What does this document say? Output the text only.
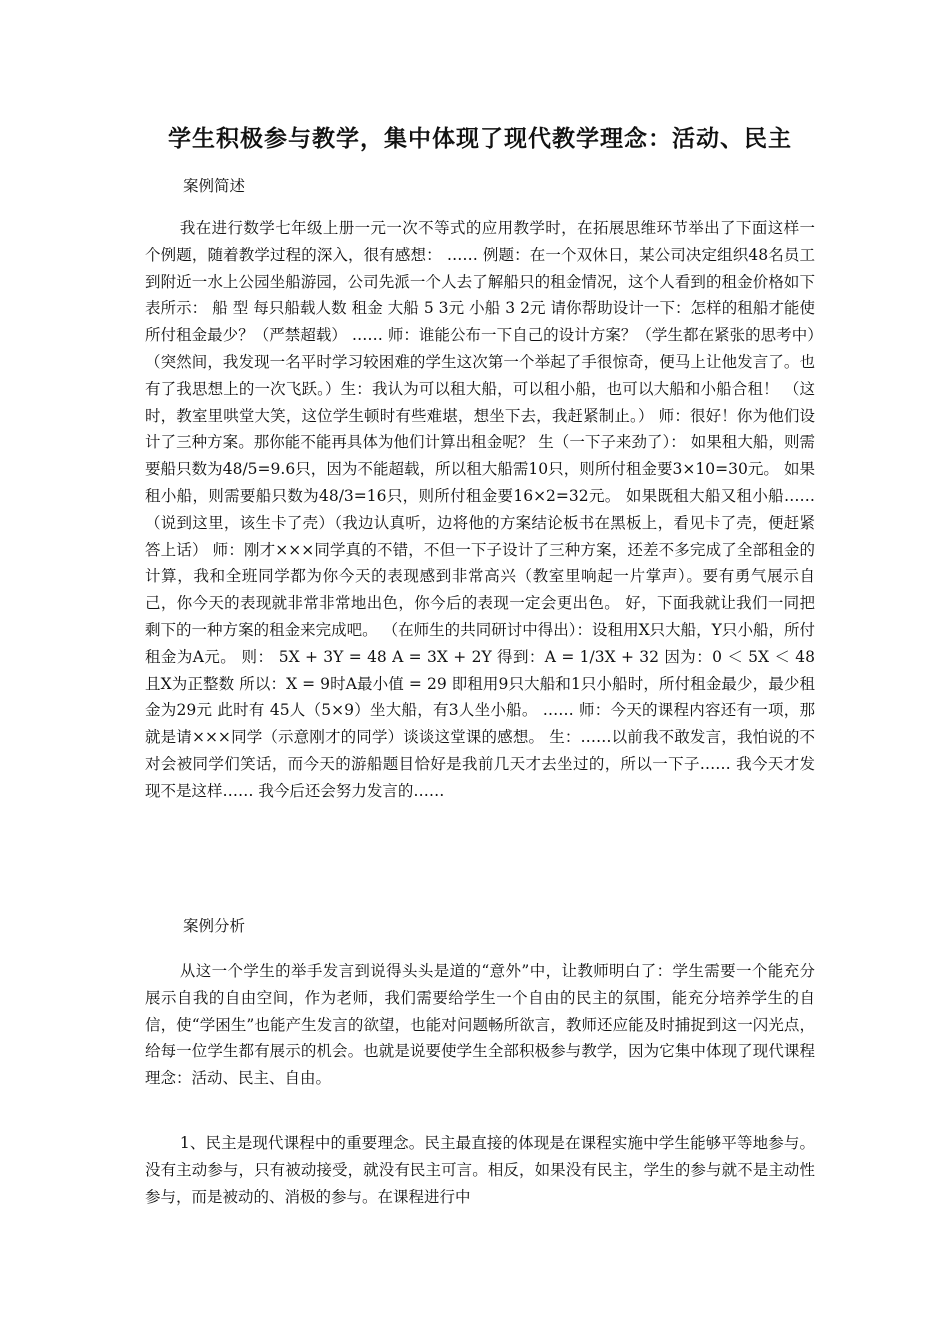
学生积极参与教学，集中体现了现代教学理念：活动、民主
案例简述
我在进行数学七年级上册一元一次不等式的应用教学时，在拓展思维环节举出了下面这样一个例题，随着教学过程的深入，很有感想： …… 例题：在一个双休日，某公司决定组织48名员工到附近一水上公园坐船游园，公司先派一个人去了解船只的租金情况，这个人看到的租金价格如下表所示： 船 型 每只船载人数 租金 大船 5 3元 小船 3 2元 请你帮助设计一下：怎样的租船才能使所付租金最少？（严禁超载） …… 师：谁能公布一下自己的设计方案？（学生都在紧张的思考中）（突然间，我发现一名平时学习较困难的学生这次第一个举起了手很惊奇，便马上让他发言了。也有了我思想上的一次飞跃。）生：我认为可以租大船，可以租小船，也可以大船和小船合租！ （这时，教室里哄堂大笑，这位学生顿时有些难堪，想坐下去，我赶紧制止。） 师：很好！你为他们设计了三种方案。那你能不能再具体为他们计算出租金呢？ 生（一下子来劲了）： 如果租大船，则需要船只数为48/5=9.6只，因为不能超载，所以租大船需10只，则所付租金要3×10=30元。 如果租小船，则需要船只数为48/3=16只，则所付租金要16×2=32元。 如果既租大船又租小船……（说到这里，该生卡了壳）（我边认真听，边将他的方案结论板书在黑板上，看见卡了壳，便赶紧答上话） 师：刚才×××同学真的不错，不但一下子设计了三种方案，还差不多完成了全部租金的计算，我和全班同学都为你今天的表现感到非常高兴（教室里响起一片掌声）。要有勇气展示自己，你今天的表现就非常非常地出色，你今后的表现一定会更出色。 好，下面我就让我们一同把剩下的一种方案的租金来完成吧。 （在师生的共同研讨中得出）：设租用X只大船，Y只小船，所付租金为A元。 则： 5X + 3Y = 48 A = 3X + 2Y 得到：A = 1/3X + 32 因为：0 ＜ 5X ＜ 48 且X为正整数 所以：X = 9时A最小值 = 29 即租用9只大船和1只小船时，所付租金最少，最少租金为29元 此时有 45人（5×9）坐大船，有3人坐小船。 …… 师：今天的课程内容还有一项，那就是请×××同学（示意刚才的同学）谈谈这堂课的感想。 生：……以前我不敢发言，我怕说的不对会被同学们笑话，而今天的游船题目恰好是我前几天才去坐过的，所以一下子…… 我今天才发现不是这样…… 我今后还会努力发言的……
案例分析
从这一个学生的举手发言到说得头头是道的“意外”中，让教师明白了：学生需要一个能充分展示自我的自由空间，作为老师，我们需要给学生一个自由的民主的氛围，能充分培养学生的自信，使“学困生”也能产生发言的欲望，也能对问题畅所欲言，教师还应能及时捕捉到这一闪光点，给每一位学生都有展示的机会。也就是说要使学生全部积极参与教学，因为它集中体现了现代课程理念：活动、民主、自由。
1、民主是现代课程中的重要理念。民主最直接的体现是在课程实施中学生能够平等地参与。没有主动参与，只有被动接受，就没有民主可言。相反，如果没有民主，学生的参与就不是主动性参与，而是被动的、消极的参与。在课程进行中
